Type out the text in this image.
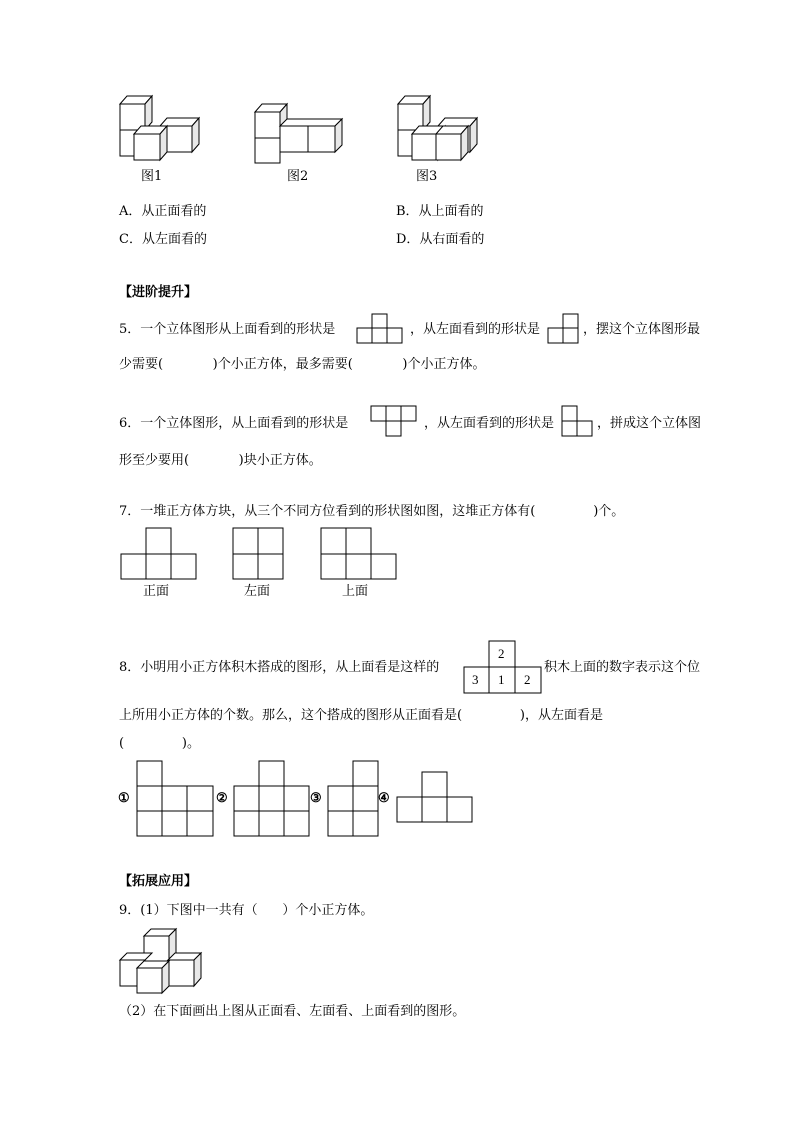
图1	图2	图3
A．从正面看的	B．从上面看的
C．从左面看的	D．从右面看的
【进阶提升】
5．一个立体图形从上面看到的形状是	，从左面看到的形状是	，摆这个立体图形最
少需要(            )个小正方体，最多需要(            )个小正方体。
6．一个立体图形，从上面看到的形状是	，从左面看到的形状是	，拼成这个立体图
形至少要用(            )块小正方体。
7．一堆正方体方块，从三个不同方位看到的形状图如图，这堆正方体有(              )个。
正面	左面	上面
8．小明用小正方体积木搭成的图形，从上面看是这样的
2
3 1 2
积木上面的数字表示这个位
上所用小正方体的个数。那么，这个搭成的图形从正面看是(              )，从左面看是
(              )。
①	②	③	④
【拓展应用】
9．(1）下图中一共有（      ）个小正方体。
（2）在下面画出上图从正面看、左面看、上面看到的图形。
